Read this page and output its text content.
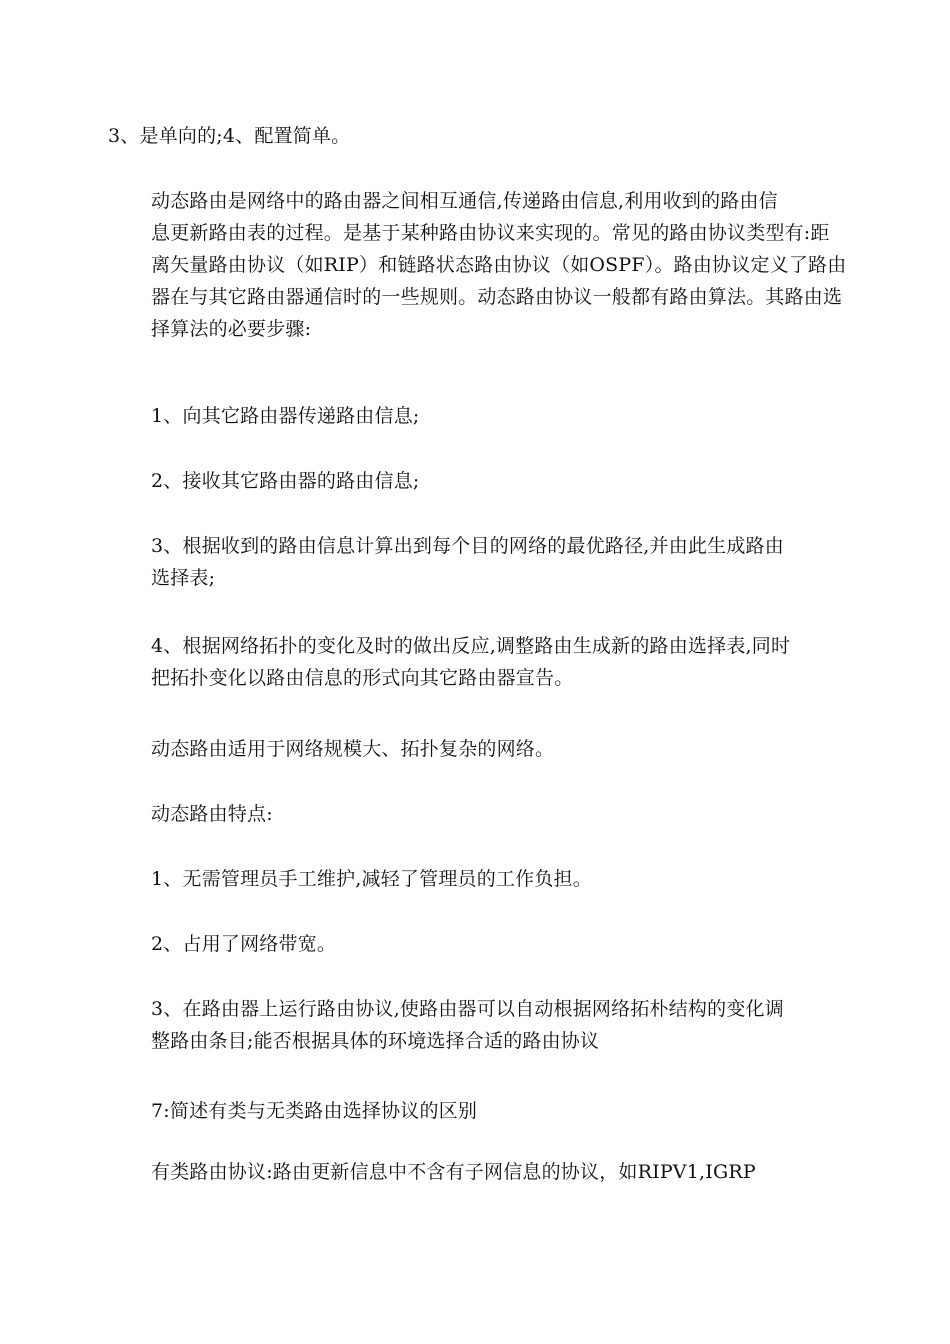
3、是单向的;4、配置简单。

动态路由是网络中的路由器之间相互通信,传递路由信息,利用收到的路由信
息更新路由表的过程。是基于某种路由协议来实现的。常见的路由协议类型有:距
离矢量路由协议（如RIP）和链路状态路由协议（如OSPF）。路由协议定义了路由
器在与其它路由器通信时的一些规则。动态路由协议一般都有路由算法。其路由选
择算法的必要步骤:

1、向其它路由器传递路由信息;

2、接收其它路由器的路由信息;

3、根据收到的路由信息计算出到每个目的网络的最优路径,并由此生成路由
选择表;

4、根据网络拓扑的变化及时的做出反应,调整路由生成新的路由选择表,同时
把拓扑变化以路由信息的形式向其它路由器宣告。

动态路由适用于网络规模大、拓扑复杂的网络。

动态路由特点:

1、无需管理员手工维护,减轻了管理员的工作负担。

2、占用了网络带宽。

3、在路由器上运行路由协议,使路由器可以自动根据网络拓朴结构的变化调
整路由条目;能否根据具体的环境选择合适的路由协议

7:简述有类与无类路由选择协议的区别

有类路由协议:路由更新信息中不含有子网信息的协议，如RIPV1,IGRP
